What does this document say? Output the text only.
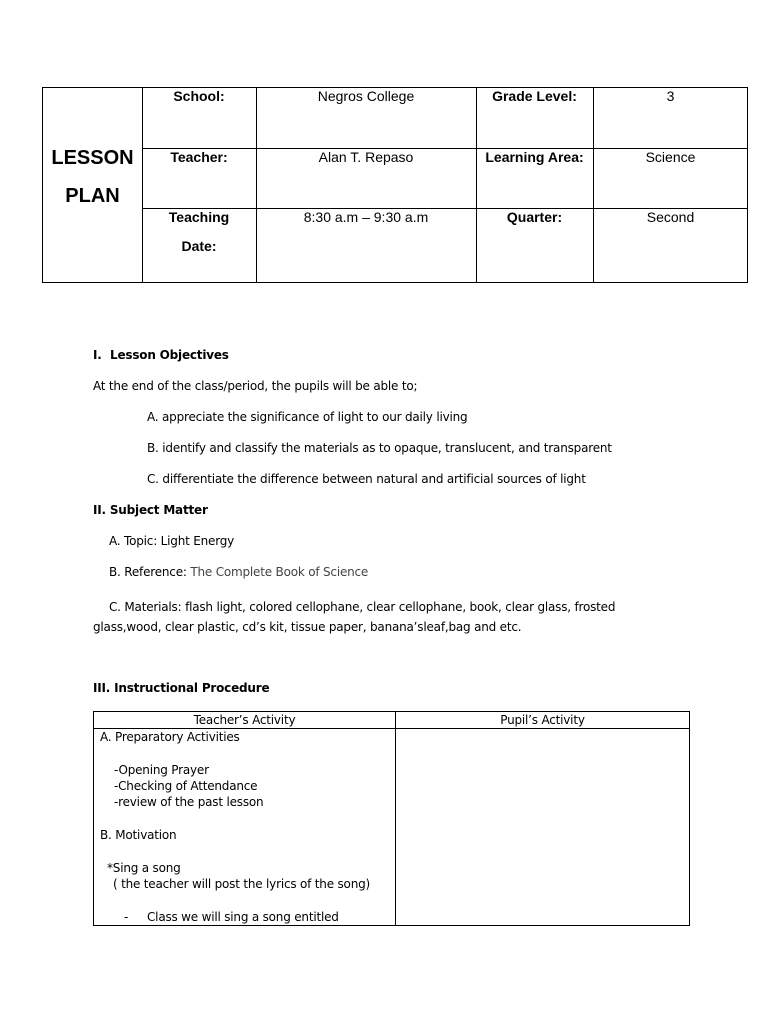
LESSON
PLAN
School:	Negros College	Grade Level:	3
Teacher:	Alan T. Repaso	Learning Area:	Science
Teaching
Date:
8:30 a.m – 9:30 a.m	Quarter:	Second
I. Lesson Objectives
At the end of the class/period, the pupils will be able to;
A. appreciate the significance of light to our daily living
B. identify and classify the materials as to opaque, translucent, and transparent
C. differentiate the difference between natural and artificial sources of light
II. Subject Matter
A. Topic: Light Energy
B. Reference: The Complete Book of Science
C. Materials: flash light, colored cellophane, clear cellophane, book, clear glass, frosted
glass,wood, clear plastic, cd’s kit, tissue paper, banana’sleaf,bag and etc.
III. Instructional Procedure
Teacher’s Activity	Pupil’s Activity
A. Preparatory Activities
-Opening Prayer
-Checking of Attendance
-review of the past lesson
B. Motivation
*Sing a song
( the teacher will post the lyrics of the song)
- Class we will sing a song entitled
